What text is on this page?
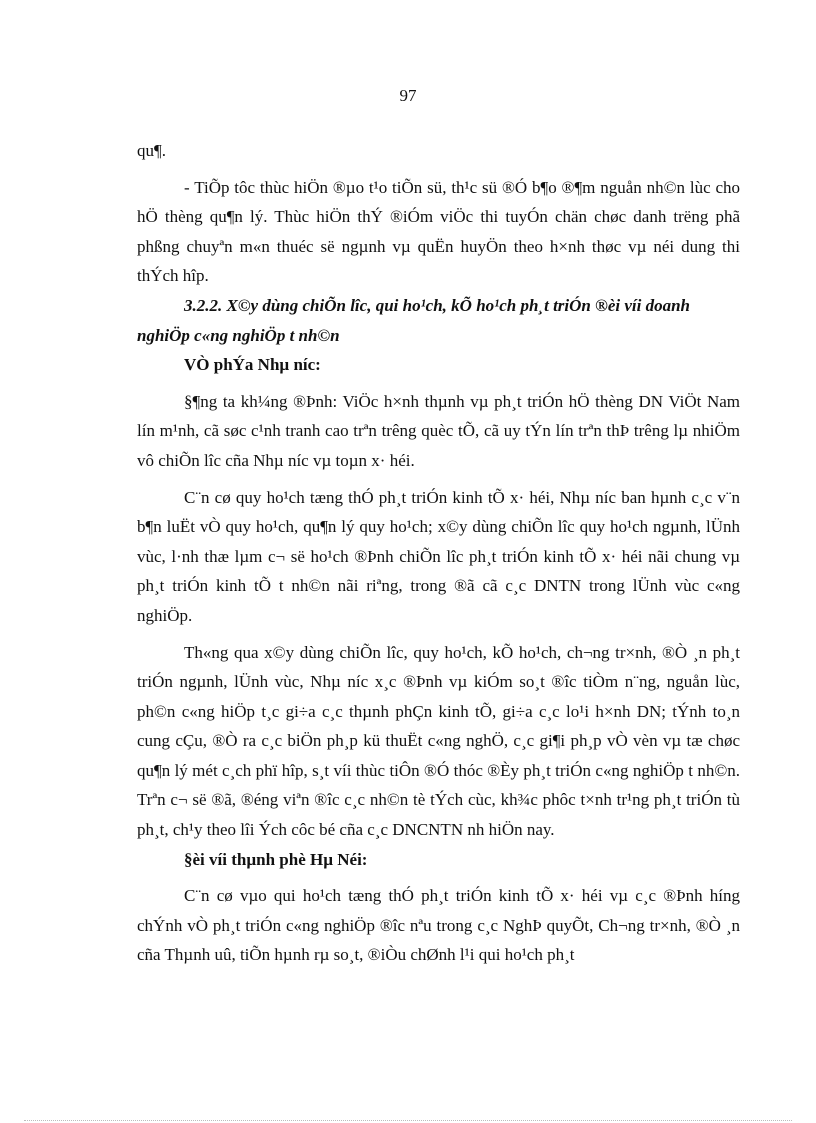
97

qu¶.

- TiÕp tôc thùc hiÖn ®µo t¹o tiÕn sü, th¹c sü ®Ó b¶o ®¶m nguån nh©n lùc cho hÖ thèng qu¶n lý. Thùc hiÖn thÝ ®iÓm viÖc thi tuyÓn chän chøc danh trëng phã phßng chuyªn m«n thuéc së ngµnh vµ quËn huyÖn theo h×nh thøc vµ néi dung thi thÝch hîp.

3.2.2. X©y dùng chiÕn lîc, qui ho¹ch, kÕ ho¹ch ph¸t triÓn ®èi víi doanh nghiÖp c«ng nghiÖp t nh©n

VÒ phÝa Nhµ níc:

§¶ng ta kh¼ng ®Þnh: ViÖc h×nh thµnh vµ ph¸t triÓn hÖ thèng DN ViÖt Nam lín m¹nh, cã søc c¹nh tranh cao trªn trêng quèc tÕ, cã uy tÝn lín trªn thÞ trêng lµ nhiÖm vô chiÕn lîc cña Nhµ níc vµ toµn x· héi.

C¨n cø quy ho¹ch tæng thÓ ph¸t triÓn kinh tÕ x· héi, Nhµ níc ban hµnh c¸c v¨n b¶n luËt vÒ quy ho¹ch, qu¶n lý quy ho¹ch; x©y dùng chiÕn lîc quy ho¹ch ngµnh, lÜnh vùc, l·nh thæ lµm c¬ së ho¹ch ®Þnh chiÕn lîc ph¸t triÓn kinh tÕ x· héi nãi chung vµ ph¸t triÓn kinh tÕ t nh©n nãi riªng, trong ®ã cã c¸c DNTN trong lÜnh vùc c«ng nghiÖp.

Th«ng qua x©y dùng chiÕn lîc, quy ho¹ch, kÕ ho¹ch, ch¬ng tr×nh, ®Ò ¸n ph¸t triÓn ngµnh, lÜnh vùc, Nhµ níc x¸c ®Þnh vµ kiÓm so¸t ®îc tiÒm n¨ng, nguån lùc, ph©n c«ng hiÖp t¸c gi÷a c¸c thµnh phÇn kinh tÕ, gi÷a c¸c lo¹i h×nh DN; tÝnh to¸n cung cÇu, ®Ò ra c¸c biÖn ph¸p kü thuËt c«ng nghÖ, c¸c gi¶i ph¸p vÒ vèn vµ tæ chøc qu¶n lý mét c¸ch phï hîp, s¸t víi thùc tiÔn ®Ó thóc ®Èy ph¸t triÓn c«ng nghiÖp t nh©n. Trªn c¬ së ®ã, ®éng viªn ®îc c¸c nh©n tè tÝch cùc, kh¾c phôc t×nh tr¹ng ph¸t triÓn tù ph¸t, ch¹y theo lîi Ých côc bé cña c¸c DNCNTN nh hiÖn nay.

§èi víi thµnh phè Hµ Néi:

C¨n cø vµo qui ho¹ch tæng thÓ ph¸t triÓn kinh tÕ x· héi vµ c¸c ®Þnh híng chÝnh vÒ ph¸t triÓn c«ng nghiÖp ®îc nªu trong c¸c NghÞ quyÕt, Ch¬ng tr×nh, ®Ò ¸n cña Thµnh uû, tiÕn hµnh rµ so¸t, ®iÒu chØnh l¹i qui ho¹ch ph¸t
